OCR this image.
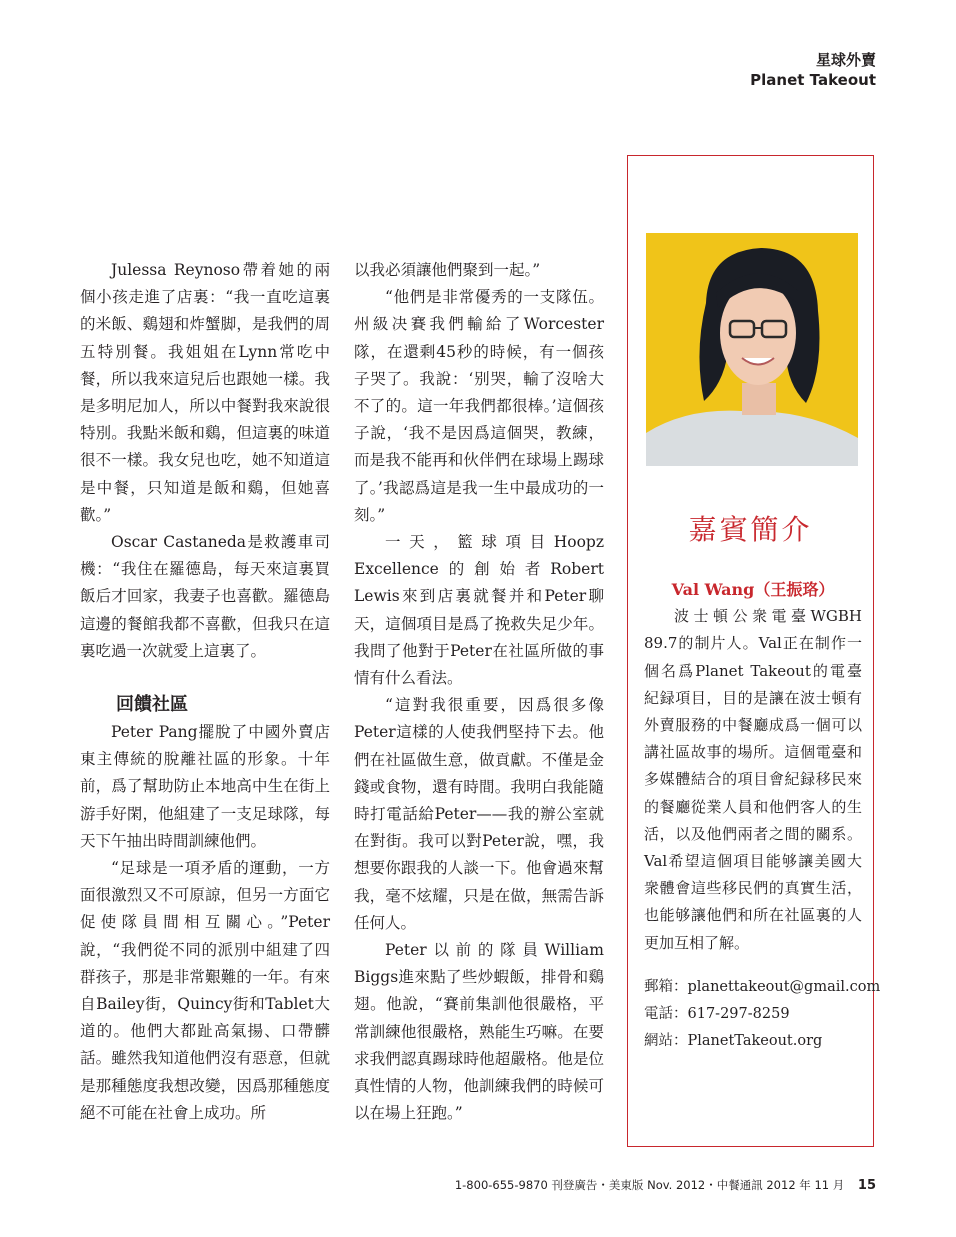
星球外賣
Planet Takeout

Julessa Reynoso帶着她的兩個小孩走進了店裏：“我一直吃這裏的米飯、鷄翅和炸蟹脚，是我們的周五特別餐。我姐姐在Lynn常吃中餐，所以我來這兒后也跟她一樣。我是多明尼加人，所以中餐對我來說很特別。我點米飯和鷄，但這裏的味道很不一樣。我女兒也吃，她不知道這是中餐，只知道是飯和鷄，但她喜歡。”

Oscar Castaneda是救護車司機：“我住在羅德島，每天來這裏買飯后才回家，我妻子也喜歡。羅德島這邊的餐館我都不喜歡，但我只在這裏吃過一次就愛上這裏了。

回饋社區

Peter Pang擺脫了中國外賣店東主傳統的脫離社區的形象。十年前，爲了幫助防止本地高中生在街上游手好閑，他組建了一支足球隊，每天下午抽出時間訓練他們。

“足球是一項矛盾的運動，一方面很激烈又不可原諒，但另一方面它促使隊員間相互關心。”Peter說，“我們從不同的派別中組建了四群孩子，那是非常艱難的一年。有來自Bailey街，Quincy街和Tablet大道的。他們大都趾高氣揚、口帶髒話。雖然我知道他們沒有惡意，但就是那種態度我想改變，因爲那種態度絕不可能在社會上成功。所

以我必須讓他們聚到一起。”

“他們是非常優秀的一支隊伍。州級决賽我們輸給了Worcester隊，在還剩45秒的時候，有一個孩子哭了。我說：‘别哭，輸了沒啥大不了的。這一年我們都很棒。’這個孩子說，‘我不是因爲這個哭，教練，而是我不能再和伙伴們在球場上踢球了。’我認爲這是我一生中最成功的一刻。”

一天，籃球項目Hoopz Excellence的創始者Robert Lewis來到店裏就餐并和Peter聊天，這個項目是爲了挽救失足少年。我問了他對于Peter在社區所做的事情有什么看法。

“這對我很重要，因爲很多像Peter這樣的人使我們堅持下去。他們在社區做生意，做貢獻。不僅是金錢或食物，還有時間。我明白我能隨時打電話給Peter——我的辦公室就在對街。我可以對Peter說，嘿，我想要你跟我的人談一下。他會過來幫我，毫不炫耀，只是在做，無需告訴任何人。

Peter以前的隊員William Biggs進來點了些炒蝦飯，排骨和鷄翅。他說，“賽前集訓他很嚴格，平常訓練他很嚴格，熟能生巧嘛。在要求我們認真踢球時他超嚴格。他是位真性情的人物，他訓練我們的時候可以在場上狂跑。”

嘉賓簡介
Val Wang（王振珞）

波士頓公衆電臺WGBH 89.7的制片人。Val正在制作一個名爲Planet Takeout的電臺紀録項目，目的是讓在波士頓有外賣服務的中餐廳成爲一個可以講社區故事的場所。這個電臺和多媒體結合的項目會紀録移民來的餐廳從業人員和他們客人的生活，以及他們兩者之間的關系。Val希望這個項目能够讓美國大衆體會這些移民們的真實生活，也能够讓他們和所在社區裏的人更加互相了解。

郵箱：planettakeout@gmail.com
電話：617-297-8259
網站：PlanetTakeout.org
1-800-655-9870 刊登廣告・美東版 Nov. 2012・中餐通訊 2012 年 11 月 15
